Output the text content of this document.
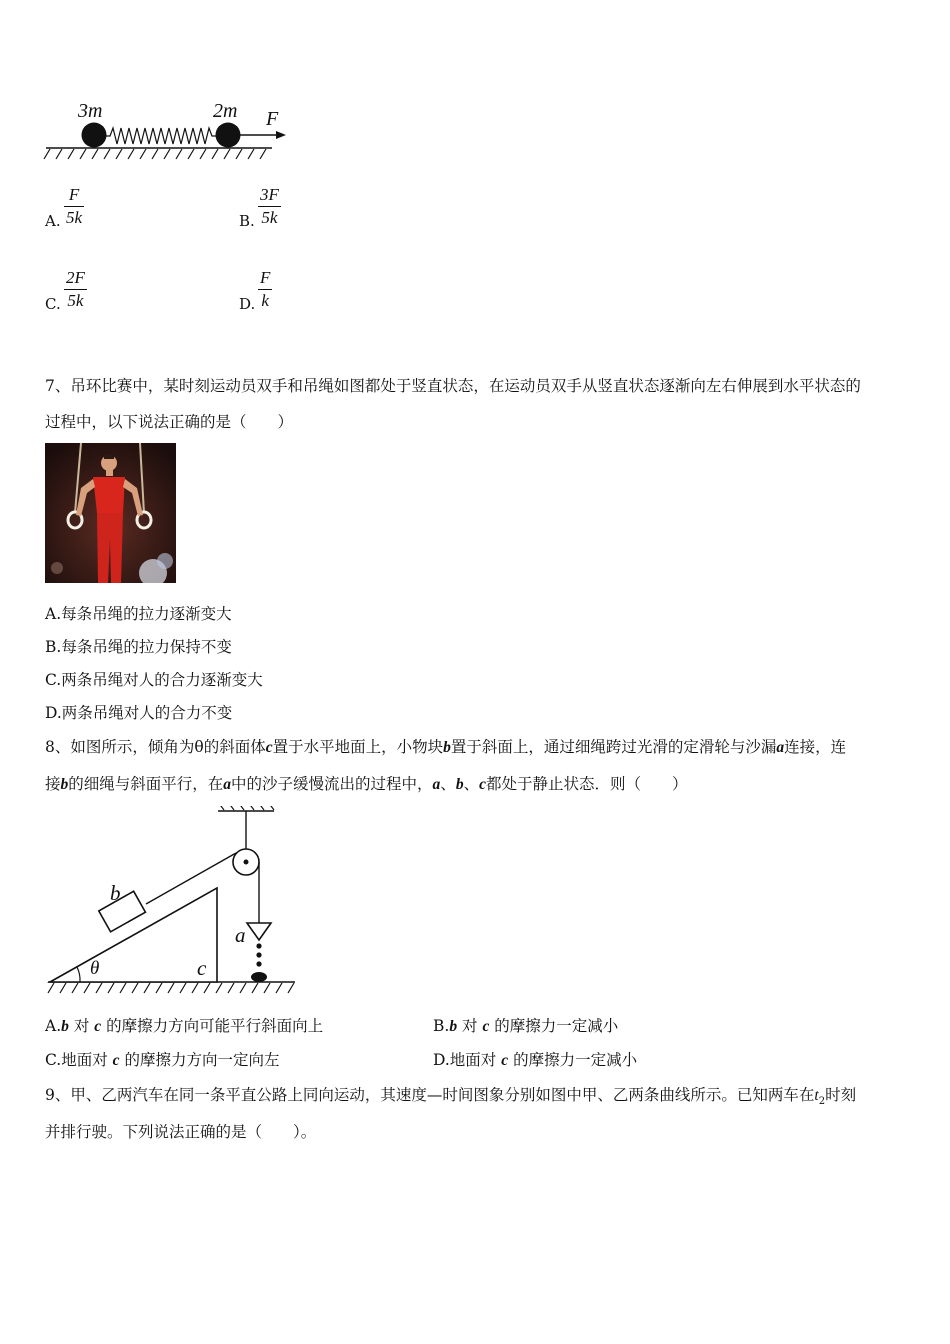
3m	2m F
A. $\frac{F}{5k}$	B. $\frac{3F}{5k}$
C. $\frac{2F}{5k}$	D. $\frac{F}{k}$
7、吊环比赛中，某时刻运动员双手和吊绳如图都处于竖直状态，在运动员双手从竖直状态逐渐向左右伸展到水平状态的
过程中，以下说法正确的是（　　）
A.每条吊绳的拉力逐渐变大
B.每条吊绳的拉力保持不变
C.两条吊绳对人的合力逐渐变大
D.两条吊绳对人的合力不变
8、如图所示，倾角为θ的斜面体c置于水平地面上，小物块b置于斜面上，通过细绳跨过光滑的定滑轮与沙漏a连接，连
接b的细绳与斜面平行，在a中的沙子缓慢流出的过程中，a、b、c都处于静止状态．则（　　）
b
a
θ	c
A.b 对 c 的摩擦力方向可能平行斜面向上	B.b 对 c 的摩擦力一定减小
C.地面对 c 的摩擦力方向一定向左	D.地面对 c 的摩擦力一定减小
9、甲、乙两汽车在同一条平直公路上同向运动，其速度—时间图象分别如图中甲、乙两条曲线所示。已知两车在$t_2$时刻
并排行驶。下列说法正确的是（　　）。
